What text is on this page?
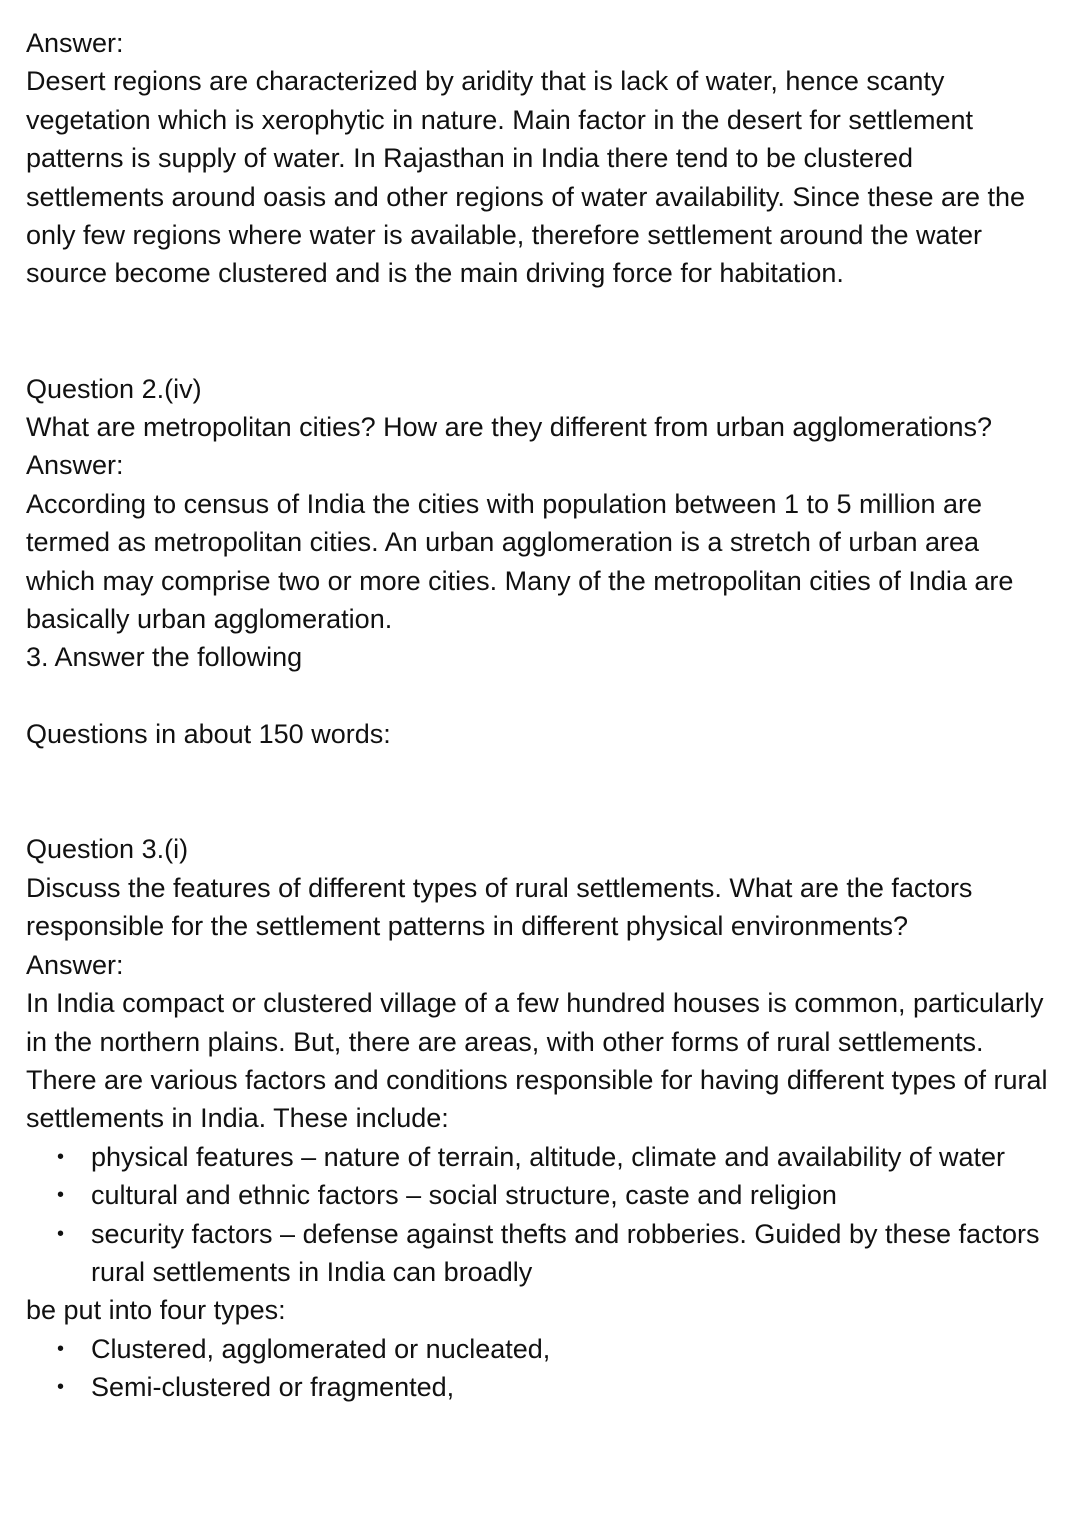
Answer:

Desert regions are characterized by aridity that is lack of water, hence scanty vegetation which is xerophytic in nature. Main factor in the desert for settlement patterns is supply of water. In Rajasthan in India there tend to be clustered settlements around oasis and other regions of water availability. Since these are the only few regions where water is available, therefore settlement around the water source become clustered and is the main driving force for habitation.

Question 2.(iv)

What are metropolitan cities? How are they different from urban agglomerations?

Answer:

According to census of India the cities with population between 1 to 5 million are termed as metropolitan cities. An urban agglomeration is a stretch of urban area which may comprise two or more cities. Many of the metropolitan cities of India are basically urban agglomeration.

3. Answer the following

Questions in about 150 words:

Question 3.(i)

Discuss the features of different types of rural settlements. What are the factors responsible for the settlement patterns in different physical environments?

Answer:

In India compact or clustered village of a few hundred houses is common, particularly in the northern plains. But, there are areas, with other forms of rural settlements. There are various factors and conditions responsible for having different types of rural settlements in India. These include:

• physical features – nature of terrain, altitude, climate and availability of water
• cultural and ethnic factors – social structure, caste and religion
• security factors – defense against thefts and robberies. Guided by these factors rural settlements in India can broadly

be put into four types:

• Clustered, agglomerated or nucleated,
• Semi-clustered or fragmented,
